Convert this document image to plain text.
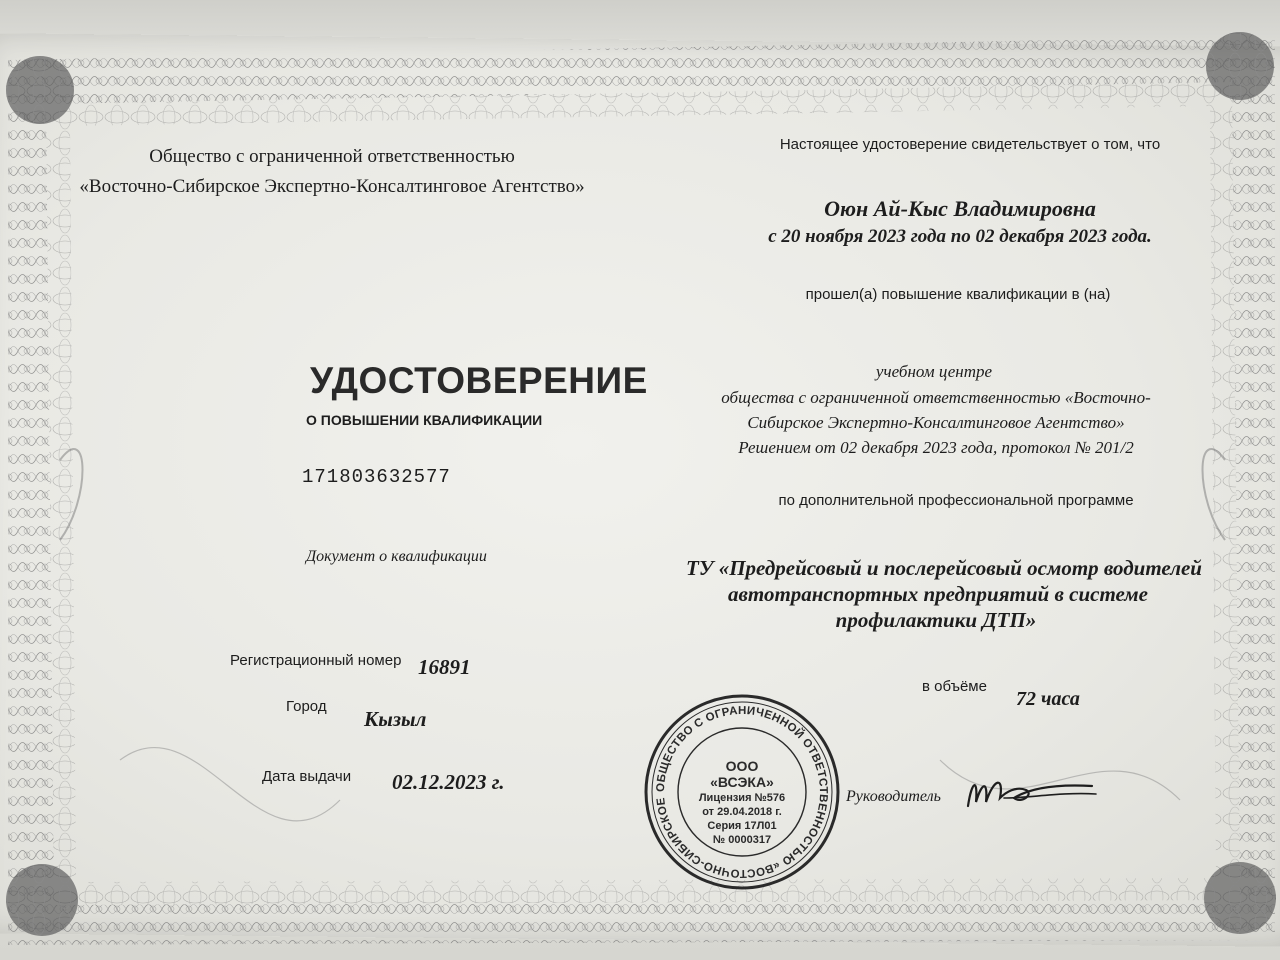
Общество с ограниченной ответственностью
«Восточно-Сибирское Экспертно-Консалтинговое Агентство»
УДОСТОВЕРЕНИЕ
О ПОВЫШЕНИИ КВАЛИФИКАЦИИ
171803632577
Документ о квалификации
Регистрационный номер 16891
Город
Кызыл
Дата выдачи 02.12.2023 г.
Настоящее удостоверение свидетельствует о том, что
Оюн Ай-Кыс Владимировна
с 20 ноября 2023 года по 02 декабря 2023 года.
прошел(а) повышение квалификации в (на)
учебном центре
общества с ограниченной ответственностью «Восточно-
Сибирское Экспертно-Консалтинговое Агентство»
Решением от 02 декабря 2023 года, протокол № 201/2
по дополнительной профессиональной программе
ТУ «Предрейсовый и послерейсовый осмотр водителей
автотранспортных предприятий в системе
профилактики ДТП»
в объёме
72 часа
Руководитель
ОБЩЕСТВО С ОГРАНИЧЕННОЙ ОТВЕТСТВЕННОСТЬЮ «ВОСТОЧНО-СИБИРСКОЕ
ООО
«ВСЭКА»
Лицензия №576
от 29.04.2018 г.
Серия 17Л01
№ 0000317
